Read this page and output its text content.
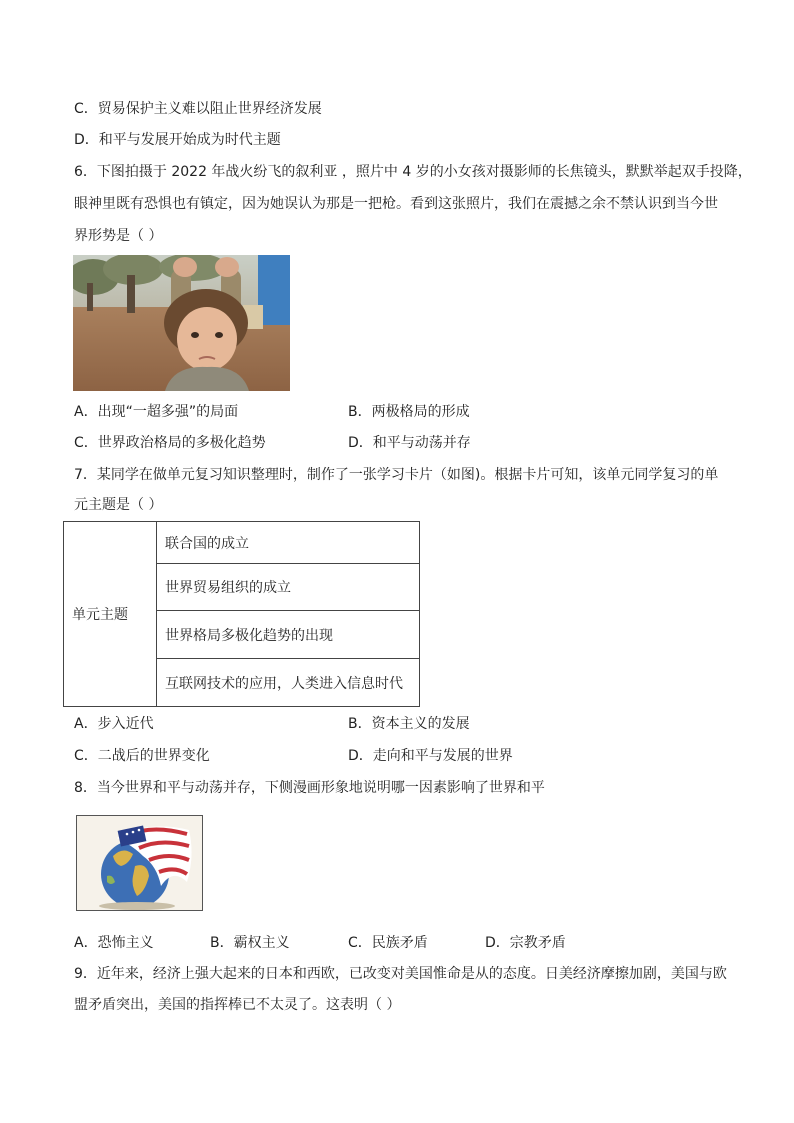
C．贸易保护主义难以阻止世界经济发展
D．和平与发展开始成为时代主题
6．下图拍摄于 2022 年战火纷飞的叙利亚 ，照片中 4 岁的小女孩对摄影师的长焦镜头，默默举起双手投降，
眼神里既有恐惧也有镇定，因为她误认为那是一把枪。看到这张照片，我们在震撼之余不禁认识到当今世
界形势是（ ）
A．出现“一超多强”的局面	B．两极格局的形成
C．世界政治格局的多极化趋势	D．和平与动荡并存
7．某同学在做单元复习知识整理时，制作了一张学习卡片（如图)。根据卡片可知，该单元同学复习的单
元主题是（ ）
单元主题	联合国的成立
世界贸易组织的成立
世界格局多极化趋势的出现
互联网技术的应用，人类进入信息时代
A．步入近代	B．资本主义的发展
C．二战后的世界变化	D．走向和平与发展的世界
8．当今世界和平与动荡并存，下侧漫画形象地说明哪一因素影响了世界和平
A．恐怖主义	B．霸权主义	C．民族矛盾	D．宗教矛盾
9．近年来，经济上强大起来的日本和西欧，已改变对美国惟命是从的态度。日美经济摩擦加剧，美国与欧
盟矛盾突出，美国的指挥棒已不太灵了。这表明（ ）
